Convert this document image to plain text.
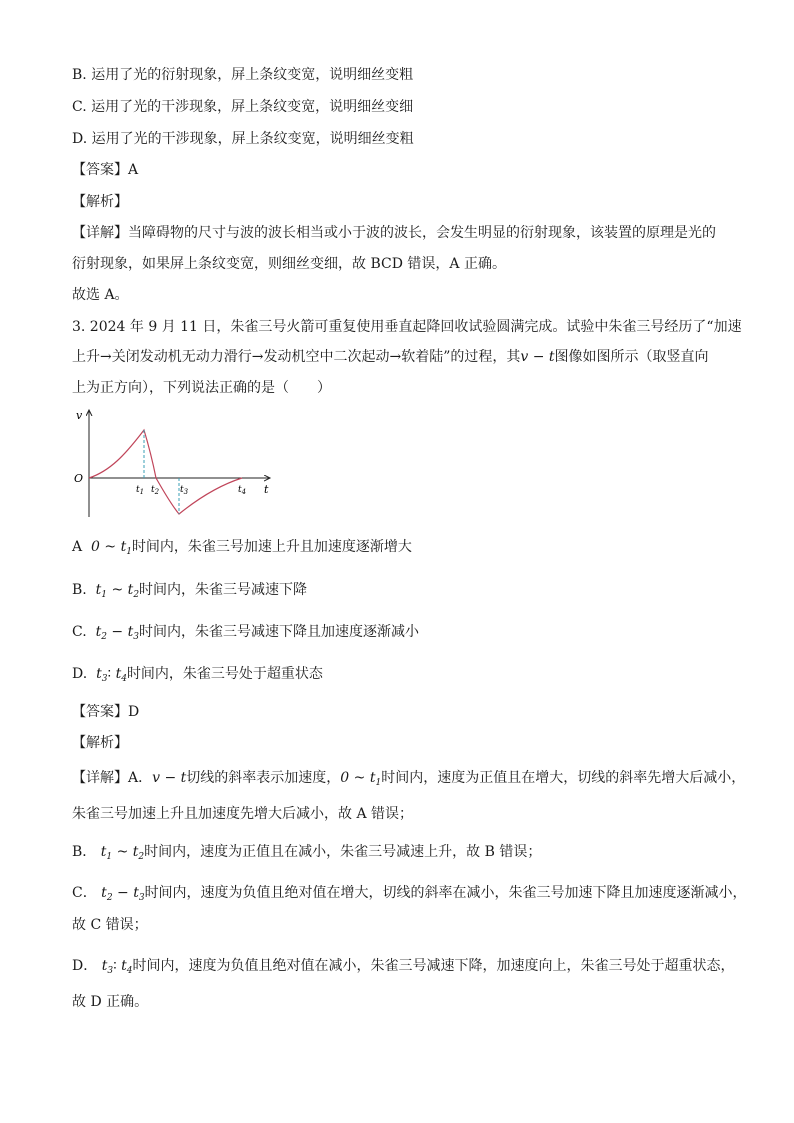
B. 运用了光的衍射现象，屏上条纹变宽，说明细丝变粗
C. 运用了光的干涉现象，屏上条纹变宽，说明细丝变细
D. 运用了光的干涉现象，屏上条纹变宽，说明细丝变粗
【答案】A
【解析】
【详解】当障碍物的尺寸与波的波长相当或小于波的波长，会发生明显的衍射现象，该装置的原理是光的
衍射现象，如果屏上条纹变宽，则细丝变细，故 BCD 错误，A 正确。
故选 A。
3. 2024 年 9 月 11 日，朱雀三号火箭可重复使用垂直起降回收试验圆满完成。试验中朱雀三号经历了“加速
上升→关闭发动机无动力滑行→发动机空中二次起动→软着陆”的过程，其v − t图像如图所示（取竖直向
上为正方向），下列说法正确的是（　　）
v
t
O
$t_1$ $t_2$ $t_3$	$t_4$
A 0 ~ $t_1$时间内，朱雀三号加速上升且加速度逐渐增大
B. $t_1$ ~ $t_2$时间内，朱雀三号减速下降
C. $t_2 - t_3$时间内，朱雀三号减速下降且加速度逐渐减小
D. $t_3∶$ $t_4$时间内，朱雀三号处于超重状态
【答案】D
【解析】
【详解】A．v − t切线的斜率表示加速度，0 ~ $t_1$时间内，速度为正值且在增大，切线的斜率先增大后减小，
朱雀三号加速上升且加速度先增大后减小，故 A 错误；
B． $t_1$ ~ $t_2$时间内，速度为正值且在减小，朱雀三号减速上升，故 B 错误；
C． $t_2 - t_3$时间内，速度为负值且绝对值在增大，切线的斜率在减小，朱雀三号加速下降且加速度逐渐减小，
故 C 错误；
D． $t_3∶$ $t_4$时间内，速度为负值且绝对值在减小，朱雀三号减速下降，加速度向上，朱雀三号处于超重状态，
故 D 正确。
